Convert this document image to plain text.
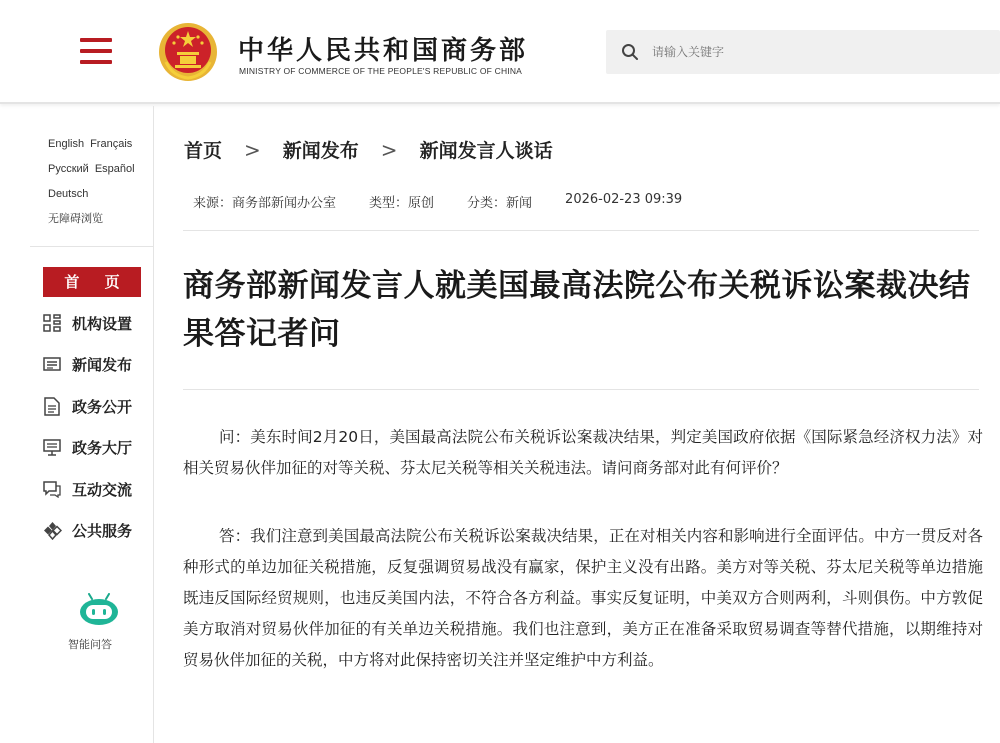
中华人民共和国商务部
MINISTRY OF COMMERCE OF THE PEOPLE'S REPUBLIC OF CHINA
请输入关键字
English Français
Русский Español
Deutsch
无障碍浏览
首 页
机构设置
新闻发布
政务公开
政务大厅
互动交流
公共服务
智能问答
首页 > 新闻发布 > 新闻发言人谈话
来源：商务部新闻办公室	类型：原创	分类：新闻	2026-02-23 09:39
商务部新闻发言人就美国最高法院公布关税诉讼案裁决结果答记者问

问：美东时间2月20日，美国最高法院公布关税诉讼案裁决结果，判定美国政府依据《国际紧急经济权力法》对相关贸易伙伴加征的对等关税、芬太尼关税等相关关税违法。请问商务部对此有何评价？

答：我们注意到美国最高法院公布关税诉讼案裁决结果，正在对相关内容和影响进行全面评估。中方一贯反对各种形式的单边加征关税措施，反复强调贸易战没有赢家，保护主义没有出路。美方对等关税、芬太尼关税等单边措施既违反国际经贸规则，也违反美国内法，不符合各方利益。事实反复证明，中美双方合则两利，斗则俱伤。中方敦促美方取消对贸易伙伴加征的有关单边关税措施。我们也注意到，美方正在准备采取贸易调查等替代措施，以期维持对贸易伙伴加征的关税，中方将对此保持密切关注并坚定维护中方利益。
